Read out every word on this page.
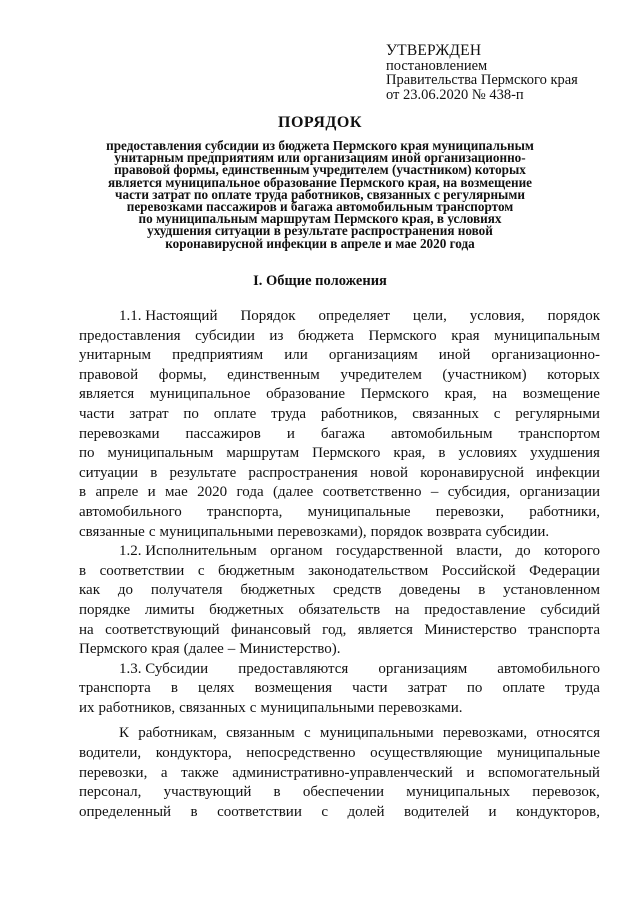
УТВЕРЖДЕН
постановлением
Правительства Пермского края
от 23.06.2020 № 438-п
ПОРЯДОК
предоставления субсидии из бюджета Пермского края муниципальным
унитарным предприятиям или организациям иной организационно-
правовой формы, единственным учредителем (участником) которых
является муниципальное образование Пермского края, на возмещение
части затрат по оплате труда работников, связанных с регулярными
перевозками пассажиров и багажа автомобильным транспортом
по муниципальным маршрутам Пермского края, в условиях
ухудшения ситуации в результате распространения новой
коронавирусной инфекции в апреле и мае 2020 года
I. Общие положения
1.1. Настоящий Порядок определяет цели, условия, порядок
предоставления субсидии из бюджета Пермского края муниципальным
унитарным предприятиям или организациям иной организационно-
правовой формы, единственным учредителем (участником) которых
является муниципальное образование Пермского края, на возмещение
части затрат по оплате труда работников, связанных с регулярными
перевозками пассажиров и багажа автомобильным транспортом
по муниципальным маршрутам Пермского края, в условиях ухудшения
ситуации в результате распространения новой коронавирусной инфекции
в апреле и мае 2020 года (далее соответственно – субсидия, организации
автомобильного транспорта, муниципальные перевозки, работники,
связанные с муниципальными перевозками), порядок возврата субсидии.
1.2. Исполнительным органом государственной власти, до которого
в соответствии с бюджетным законодательством Российской Федерации
как до получателя бюджетных средств доведены в установленном
порядке лимиты бюджетных обязательств на предоставление субсидий
на соответствующий финансовый год, является Министерство транспорта
Пермского края (далее – Министерство).
1.3. Субсидии предоставляются организациям автомобильного
транспорта в целях возмещения части затрат по оплате труда
их работников, связанных с муниципальными перевозками.
К работникам, связанным с муниципальными перевозками, относятся
водители, кондуктора, непосредственно осуществляющие муниципальные
перевозки, а также административно-управленческий и вспомогательный
персонал, участвующий в обеспечении муниципальных перевозок,
определенный в соответствии с долей водителей и кондукторов,
